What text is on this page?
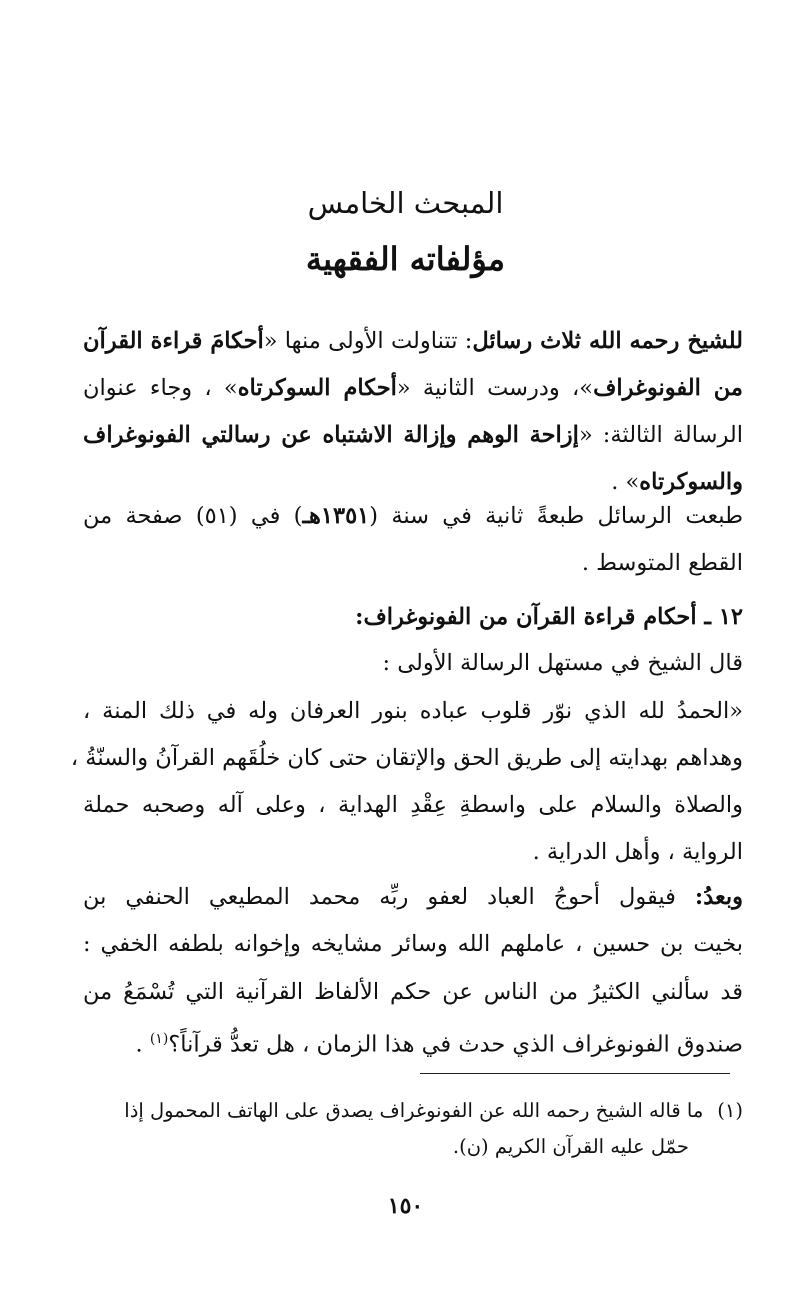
المبحث الخامس
مؤلفاته الفقهية
للشيخ رحمه الله ثلاث رسائل: تتناولت الأولى منها «أحكامَ قراءة القرآن
من الفونوغراف»، ودرست الثانية «أحكام السوكرتاه» ، وجاء عنوان
الرسالة الثالثة: «إزاحة الوهم وإزالة الاشتباه عن رسالتي الفونوغراف
والسوكرتاه» .
طبعت الرسائل طبعةً ثانية في سنة (١٣٥١هـ) في (٥١) صفحة من
القطع المتوسط .
١٢ ـ أحكام قراءة القرآن من الفونوغراف:
قال الشيخ في مستهل الرسالة الأولى :
«الحمدُ لله الذي نوّر قلوب عباده بنور العرفان وله في ذلك المنة ،
وهداهم بهدايته إلى طريق الحق والإتقان حتى كان خلُقَهم القرآنُ والسنّةُ ،
والصلاة والسلام على واسطةِ عِقْدِ الهداية ، وعلى آله وصحبه حملة
الرواية ، وأهل الدراية .
وبعدُ: فيقول أحوجُ العباد لعفو ربِّه محمد المطيعي الحنفي بن
بخيت بن حسين ، عاملهم الله وسائر مشايخه وإخوانه بلطفه الخفي :
قد سألني الكثيرُ من الناس عن حكم الألفاظ القرآنية التي تُسْمَعُ من
صندوق الفونوغراف الذي حدث في هذا الزمان ، هل تعدُّ قرآناً؟$^{(١)}$ .
(١)ما قاله الشيخ رحمه الله عن الفونوغراف يصدق على الهاتف المحمول إذا
حمّل عليه القرآن الكريم (ن).
١٥٠
